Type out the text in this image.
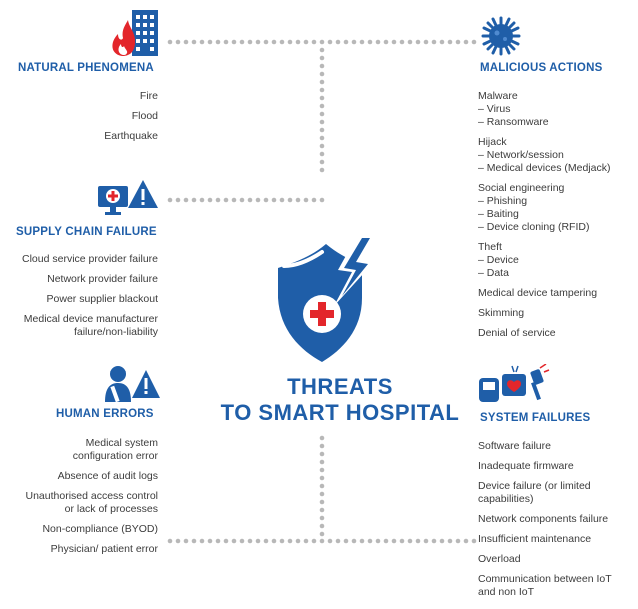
NATURAL PHENOMENA
Fire
Flood
Earthquake
SUPPLY CHAIN FAILURE
Cloud service provider failure
Network provider failure
Power supplier blackout
Medical device manufacturer
failure/non-liability
HUMAN ERRORS
Medical system
configuration error
Absence of audit logs
Unauthorised access control
or lack of processes
Non-compliance (BYOD)
Physician/ patient error
MALICIOUS ACTIONS
Malware
– Virus
– Ransomware
Hijack
– Network/session
– Medical devices (Medjack)
Social engineering
– Phishing
– Baiting
– Device cloning (RFID)
Theft
– Device
– Data
Medical device tampering
Skimming
Denial of service
SYSTEM FAILURES
Software failure
Inadequate firmware
Device failure (or limited
capabilities)
Network components failure
Insufficient maintenance
Overload
Communication between IoT
and non IoT
THREATS
TO SMART HOSPITAL
